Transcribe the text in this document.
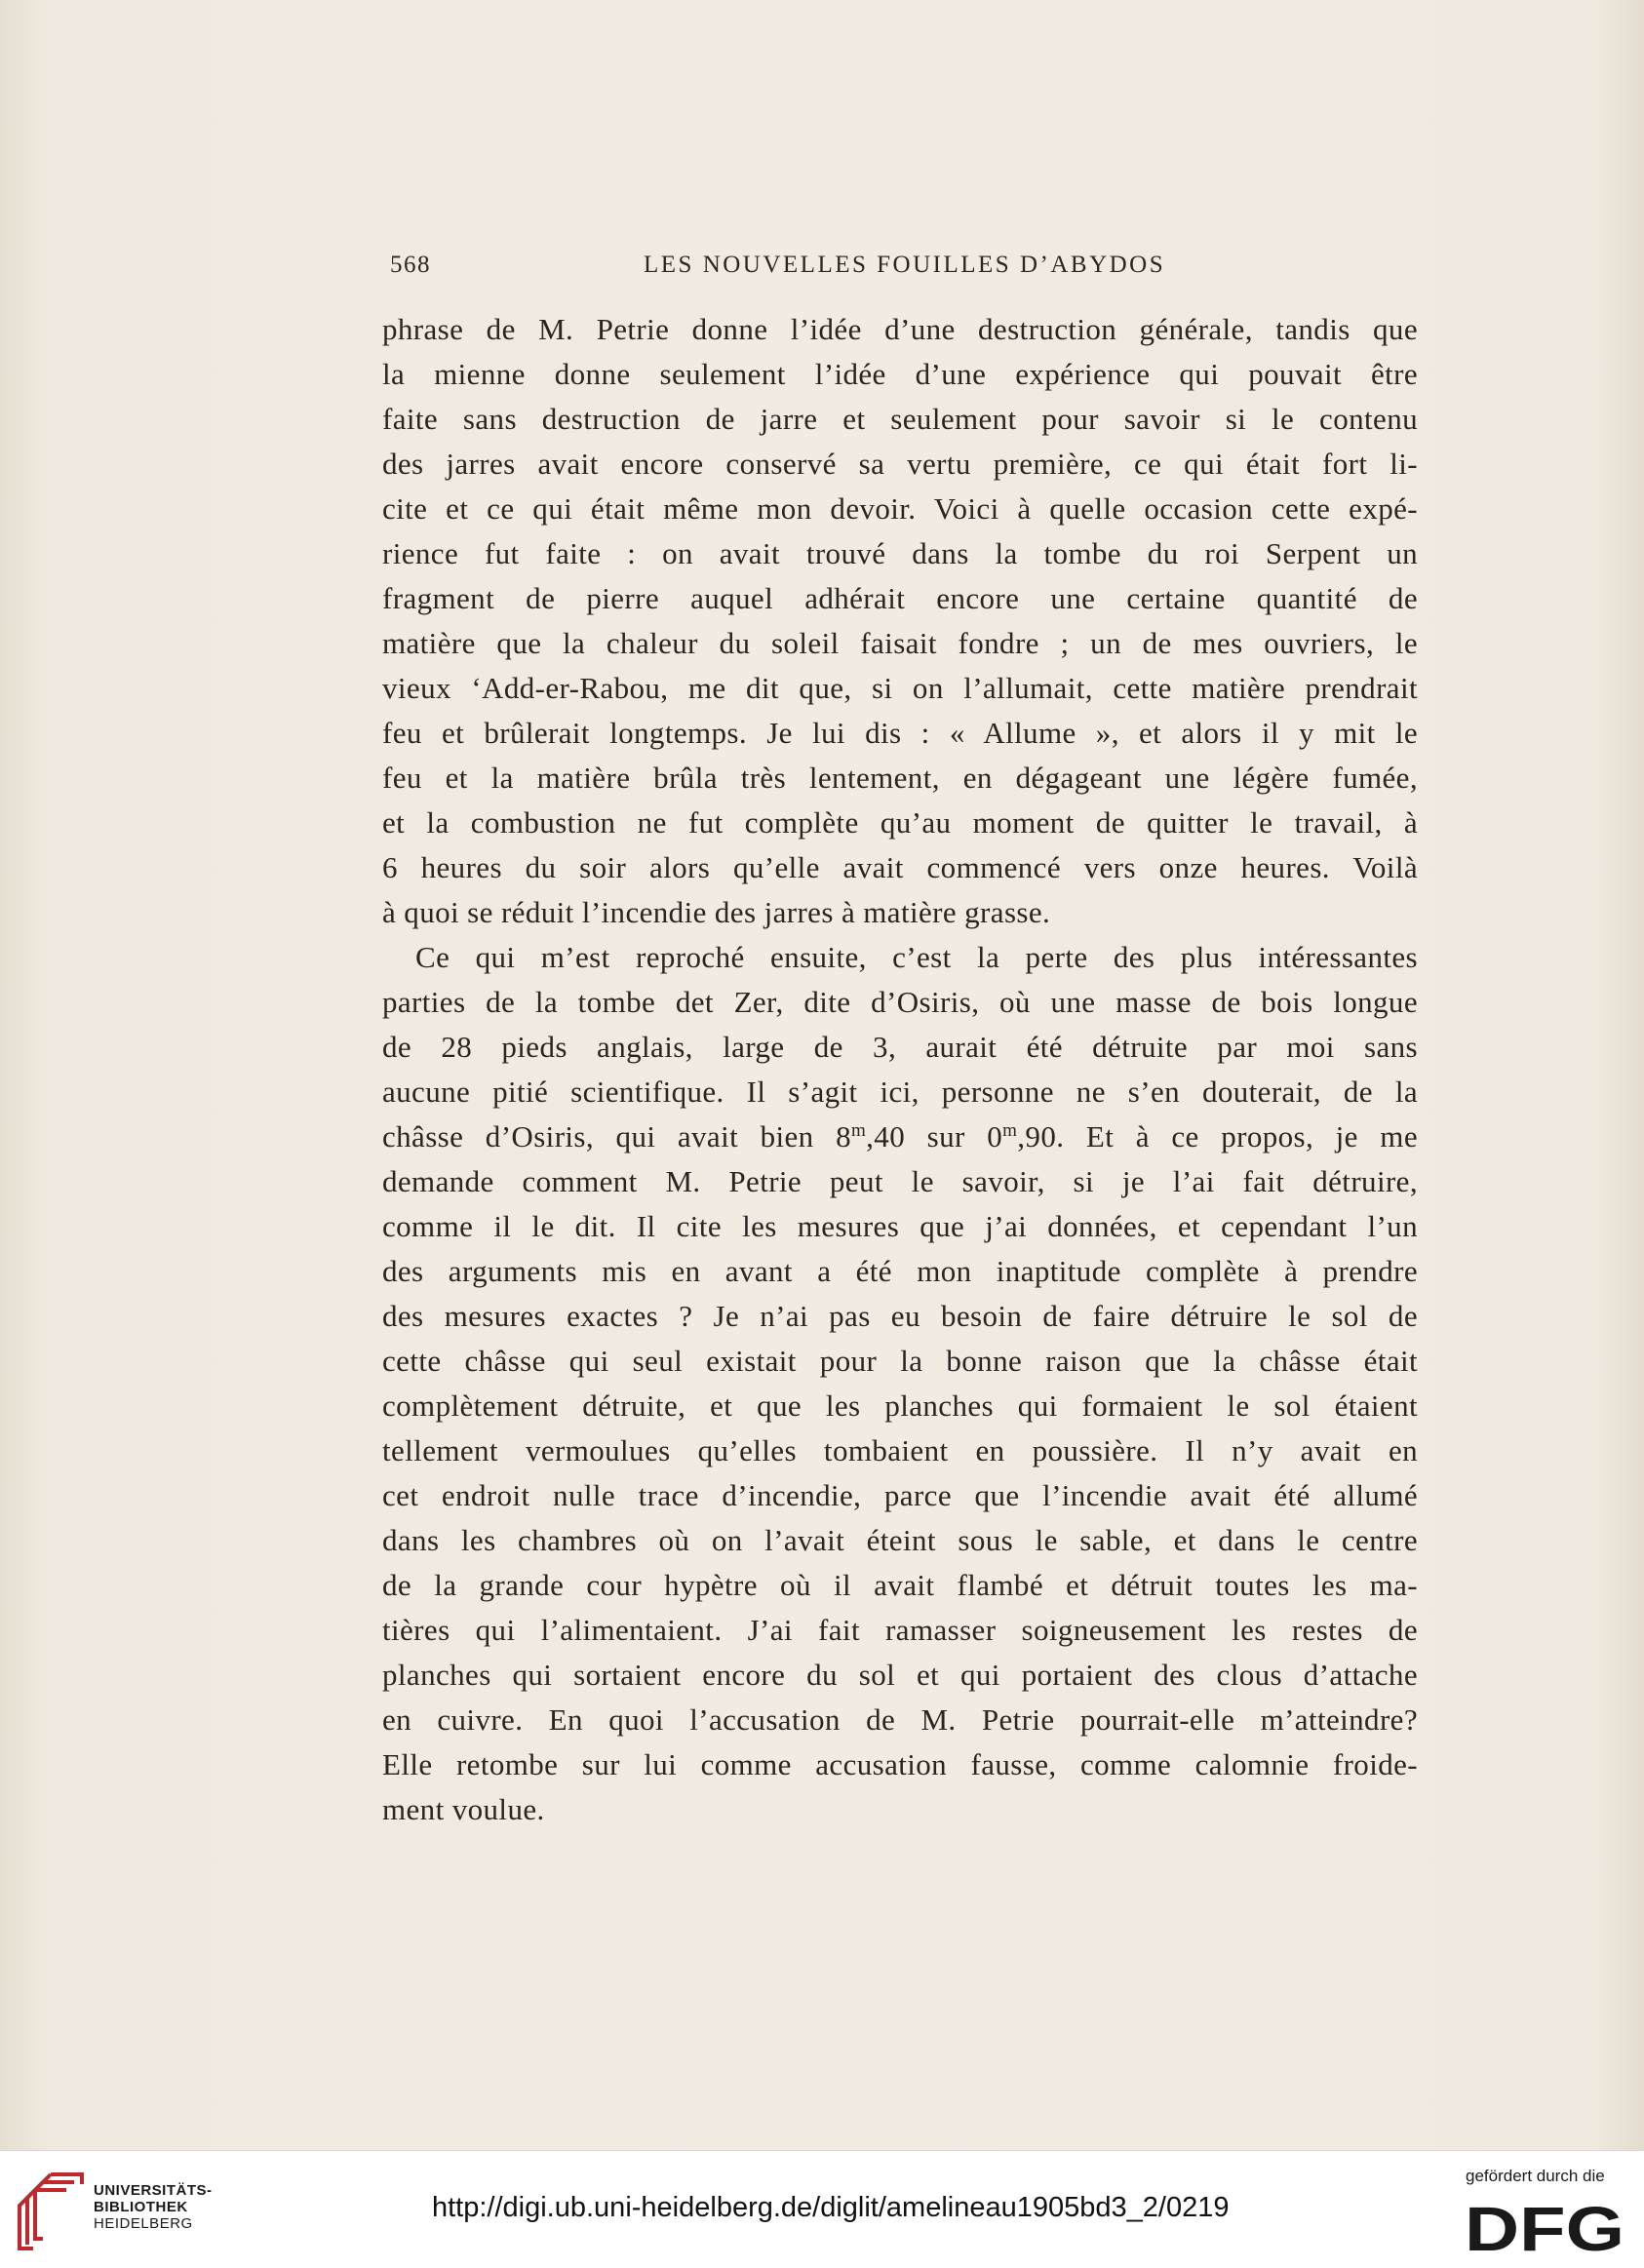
568	LES NOUVELLES FOUILLES D’ABYDOS

phrase de M. Petrie donne l’idée d’une destruction générale, tandis que

la mienne donne seulement l’idée d’une expérience qui pouvait être

faite sans destruction de jarre et seulement pour savoir si le contenu

des jarres avait encore conservé sa vertu première, ce qui était fort li-

cite et ce qui était même mon devoir. Voici à quelle occasion cette expé-

rience fut faite : on avait trouvé dans la tombe du roi Serpent un

fragment de pierre auquel adhérait encore une certaine quantité de

matière que la chaleur du soleil faisait fondre ; un de mes ouvriers, le

vieux ‘Add-er-Rabou, me dit que, si on l’allumait, cette matière prendrait

feu et brûlerait longtemps. Je lui dis : « Allume », et alors il y mit le

feu et la matière brûla très lentement, en dégageant une légère fumée,

et la combustion ne fut complète qu’au moment de quitter le travail, à

6 heures du soir alors qu’elle avait commencé vers onze heures. Voilà

à quoi se réduit l’incendie des jarres à matière grasse.

Ce qui m’est reproché ensuite, c’est la perte des plus intéressantes

parties de la tombe det Zer, dite d’Osiris, où une masse de bois longue

de 28 pieds anglais, large de 3, aurait été détruite par moi sans

aucune pitié scientifique. Il s’agit ici, personne ne s’en douterait, de la

châsse d’Osiris, qui avait bien 8$^m$,40 sur 0$^m$,90. Et à ce propos, je me

demande comment M. Petrie peut le savoir, si je l’ai fait détruire,

comme il le dit. Il cite les mesures que j’ai données, et cependant l’un

des arguments mis en avant a été mon inaptitude complète à prendre

des mesures exactes ? Je n’ai pas eu besoin de faire détruire le sol de

cette châsse qui seul existait pour la bonne raison que la châsse était

complètement détruite, et que les planches qui formaient le sol étaient

tellement vermoulues qu’elles tombaient en poussière. Il n’y avait en

cet endroit nulle trace d’incendie, parce que l’incendie avait été allumé

dans les chambres où on l’avait éteint sous le sable, et dans le centre

de la grande cour hypètre où il avait flambé et détruit toutes les ma-

tières qui l’alimentaient. J’ai fait ramasser soigneusement les restes de

planches qui sortaient encore du sol et qui portaient des clous d’attache

en cuivre. En quoi l’accusation de M. Petrie pourrait-elle m’atteindre?

Elle retombe sur lui comme accusation fausse, comme calomnie froide-

ment voulue.

UNIVERSITÄTS-
BIBLIOTHEK
HEIDELBERG
http://digi.ub.uni-heidelberg.de/diglit/amelineau1905bd3_2/0219
gefördert durch die
DFG
